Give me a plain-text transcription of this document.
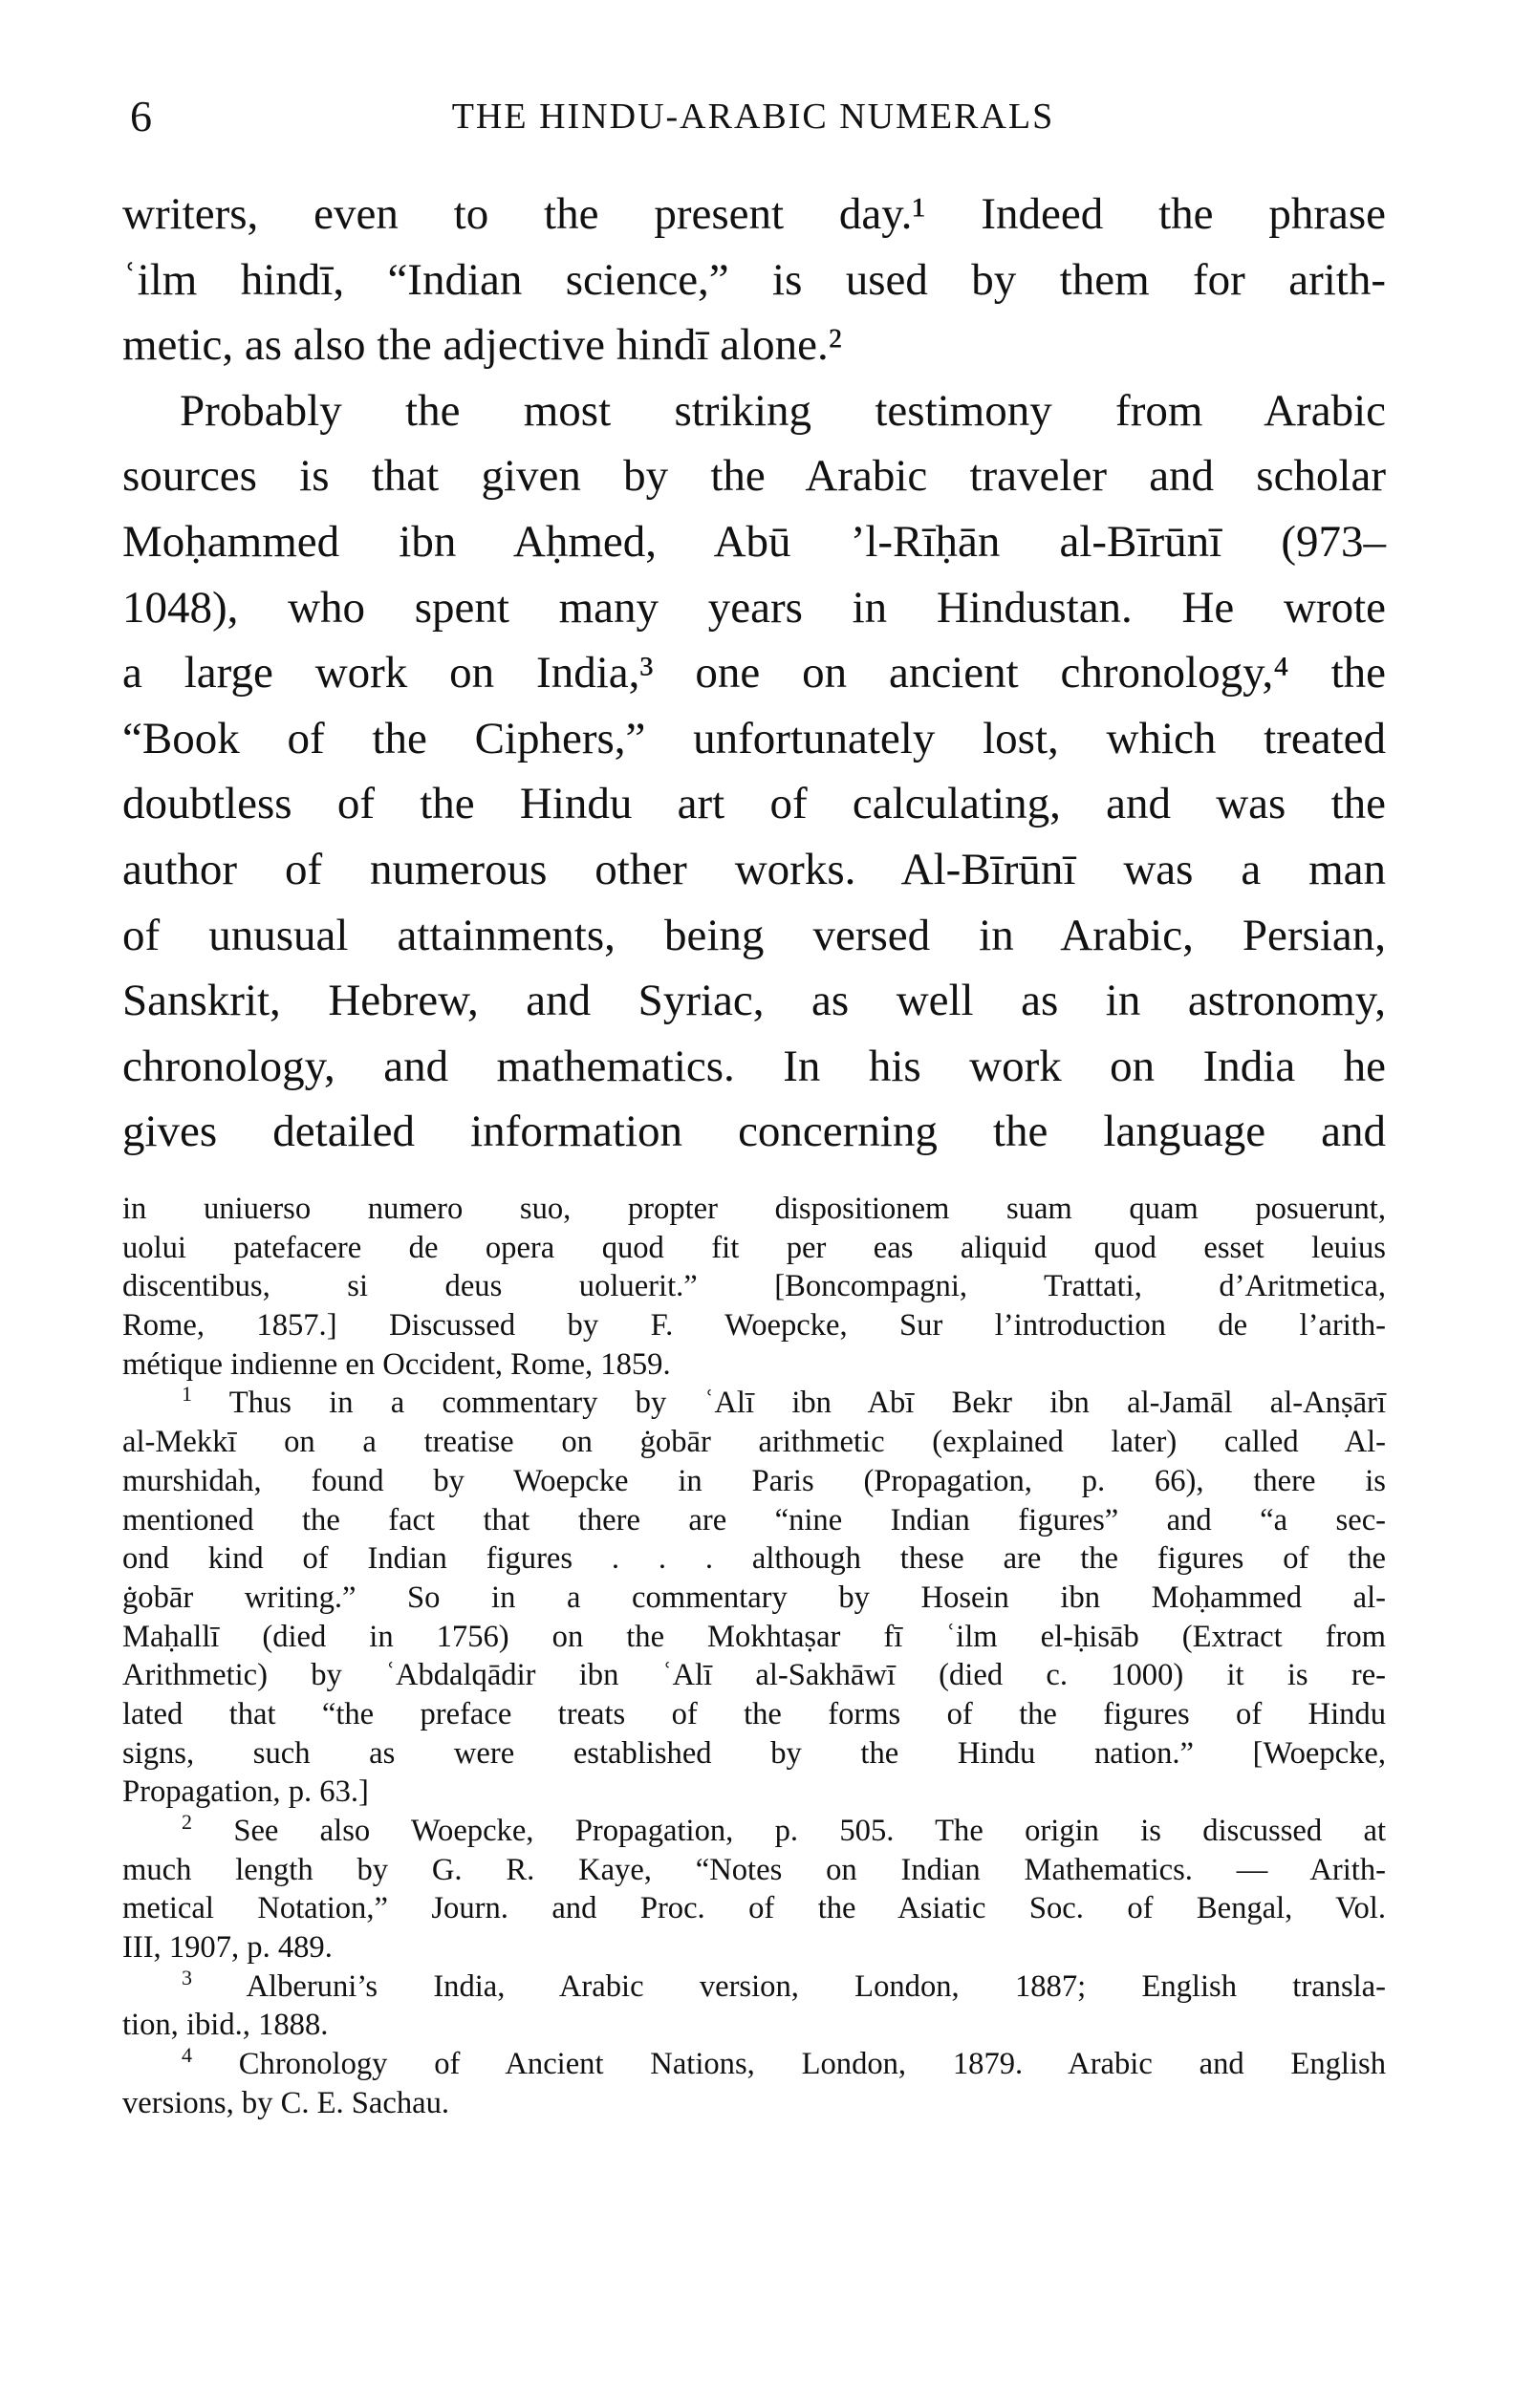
6	THE HINDU-ARABIC NUMERALS
writers, even to the present day.¹ Indeed the phrase
ʿilm hindī, “Indian science,” is used by them for arith-
metic, as also the adjective hindī alone.²
Probably the most striking testimony from Arabic
sources is that given by the Arabic traveler and scholar
Moḥammed ibn Aḥmed, Abū ’l-Rīḥān al-Bīrūnī (973–
1048), who spent many years in Hindustan. He wrote
a large work on India,³ one on ancient chronology,⁴ the
“Book of the Ciphers,” unfortunately lost, which treated
doubtless of the Hindu art of calculating, and was the
author of numerous other works. Al-Bīrūnī was a man
of unusual attainments, being versed in Arabic, Persian,
Sanskrit, Hebrew, and Syriac, as well as in astronomy,
chronology, and mathematics. In his work on India he
gives detailed information concerning the language and
in uniuerso numero suo, propter dispositionem suam quam posuerunt,
uolui patefacere de opera quod fit per eas aliquid quod esset leuius
discentibus, si deus uoluerit.” [Boncompagni, Trattati, d’Aritmetica,
Rome, 1857.] Discussed by F. Woepcke, Sur l’introduction de l’arith-
métique indienne en Occident, Rome, 1859.
$^1$ Thus in a commentary by ʿAlī ibn Abī Bekr ibn al-Jamāl al-Anṣārī
al-Mekkī on a treatise on ġobār arithmetic (explained later) called Al-
murshidah, found by Woepcke in Paris (Propagation, p. 66), there is
mentioned the fact that there are “nine Indian figures” and “a sec-
ond kind of Indian figures . . . although these are the figures of the
ġobār writing.” So in a commentary by Hosein ibn Moḥammed al-
Maḥallī (died in 1756) on the Mokhtaṣar fī ʿilm el-ḥisāb (Extract from
Arithmetic) by ʿAbdalqādir ibn ʿAlī al-Sakhāwī (died c. 1000) it is re-
lated that “the preface treats of the forms of the figures of Hindu
signs, such as were established by the Hindu nation.” [Woepcke,
Propagation, p. 63.]
$^2$ See also Woepcke, Propagation, p. 505. The origin is discussed at
much length by G. R. Kaye, “Notes on Indian Mathematics. — Arith-
metical Notation,” Journ. and Proc. of the Asiatic Soc. of Bengal, Vol.
III, 1907, p. 489.
$^3$ Alberuni’s India, Arabic version, London, 1887; English transla-
tion, ibid., 1888.
$^4$ Chronology of Ancient Nations, London, 1879. Arabic and English
versions, by C. E. Sachau.
